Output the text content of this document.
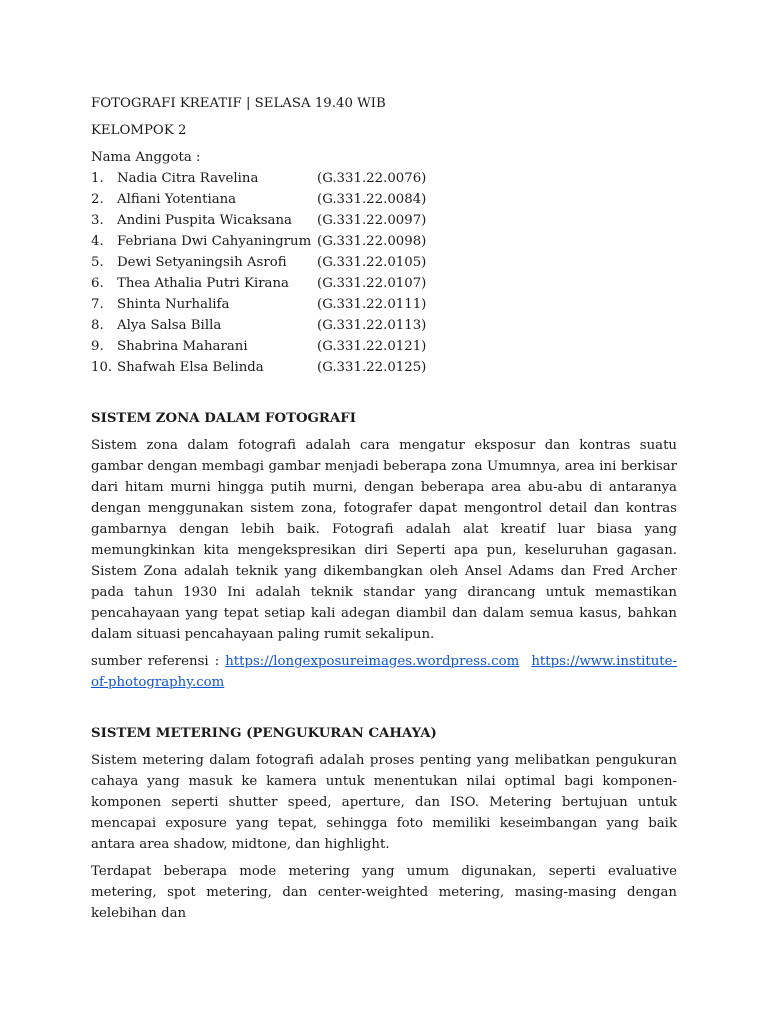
FOTOGRAFI KREATIF | SELASA 19.40 WIB
KELOMPOK 2
Nama Anggota :
1.	Nadia Citra Ravelina	(G.331.22.0076)
2.	Alfiani Yotentiana	(G.331.22.0084)
3.	Andini Puspita Wicaksana	(G.331.22.0097)
4.	Febriana Dwi Cahyaningrum (G.331.22.0098)
5.	Dewi Setyaningsih Asrofi	(G.331.22.0105)
6.	Thea Athalia Putri Kirana	(G.331.22.0107)
7.	Shinta Nurhalifa	(G.331.22.0111)
8.	Alya Salsa Billa	(G.331.22.0113)
9.	Shabrina Maharani	(G.331.22.0121)
10. Shafwah Elsa Belinda	(G.331.22.0125)
SISTEM ZONA DALAM FOTOGRAFI

Sistem zona dalam fotografi adalah cara mengatur eksposur dan kontras suatu gambar dengan membagi gambar menjadi beberapa zona Umumnya, area ini berkisar dari hitam murni hingga putih murni, dengan beberapa area abu-abu di antaranya dengan menggunakan sistem zona, fotografer dapat mengontrol detail dan kontras gambarnya dengan lebih baik. Fotografi adalah alat kreatif luar biasa yang memungkinkan kita mengekspresikan diri Seperti apa pun, keseluruhan gagasan. Sistem Zona adalah teknik yang dikembangkan oleh Ansel Adams dan Fred Archer pada tahun 1930 Ini adalah teknik standar yang dirancang untuk memastikan pencahayaan yang tepat setiap kali adegan diambil dan dalam semua kasus, bahkan dalam situasi pencahayaan paling rumit sekalipun.

sumber referensi : https://longexposureimages.wordpress.com https://www.institute-of-photography.com

SISTEM METERING (PENGUKURAN CAHAYA)

Sistem metering dalam fotografi adalah proses penting yang melibatkan pengukuran cahaya yang masuk ke kamera untuk menentukan nilai optimal bagi komponen-komponen seperti shutter speed, aperture, dan ISO. Metering bertujuan untuk mencapai exposure yang tepat, sehingga foto memiliki keseimbangan yang baik antara area shadow, midtone, dan highlight.

Terdapat beberapa mode metering yang umum digunakan, seperti evaluative metering, spot metering, dan center-weighted metering, masing-masing dengan kelebihan dan
